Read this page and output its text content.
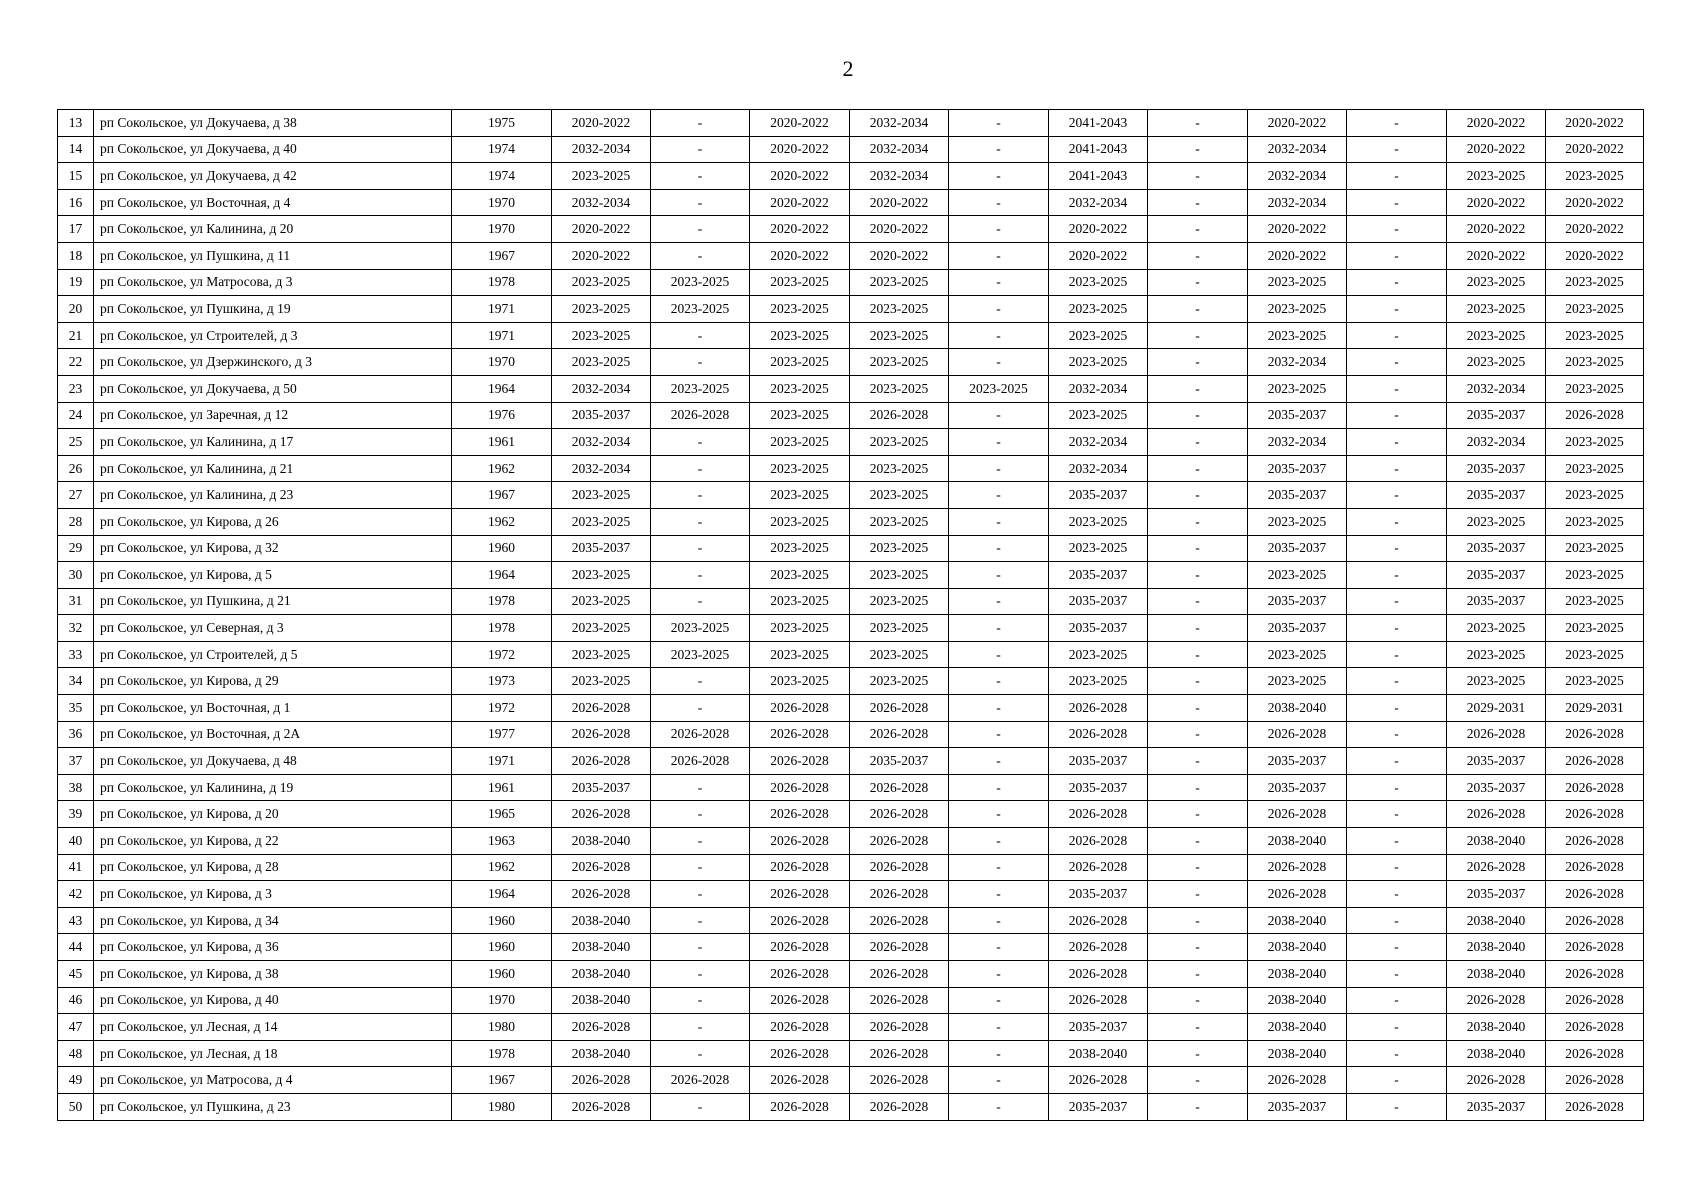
2
13	рп Сокольское, ул Докучаева, д 38	1975	2020-2022	-	2020-2022	2032-2034	-	2041-2043	-	2020-2022	-	2020-2022	2020-2022
14	рп Сокольское, ул Докучаева, д 40	1974	2032-2034	-	2020-2022	2032-2034	-	2041-2043	-	2032-2034	-	2020-2022	2020-2022
15	рп Сокольское, ул Докучаева, д 42	1974	2023-2025	-	2020-2022	2032-2034	-	2041-2043	-	2032-2034	-	2023-2025	2023-2025
16	рп Сокольское, ул Восточная, д 4	1970	2032-2034	-	2020-2022	2020-2022	-	2032-2034	-	2032-2034	-	2020-2022	2020-2022
17	рп Сокольское, ул Калинина, д 20	1970	2020-2022	-	2020-2022	2020-2022	-	2020-2022	-	2020-2022	-	2020-2022	2020-2022
18	рп Сокольское, ул Пушкина, д 11	1967	2020-2022	-	2020-2022	2020-2022	-	2020-2022	-	2020-2022	-	2020-2022	2020-2022
19	рп Сокольское, ул Матросова, д 3	1978	2023-2025	2023-2025	2023-2025	2023-2025	-	2023-2025	-	2023-2025	-	2023-2025	2023-2025
20	рп Сокольское, ул Пушкина, д 19	1971	2023-2025	2023-2025	2023-2025	2023-2025	-	2023-2025	-	2023-2025	-	2023-2025	2023-2025
21	рп Сокольское, ул Строителей, д 3	1971	2023-2025	-	2023-2025	2023-2025	-	2023-2025	-	2023-2025	-	2023-2025	2023-2025
22	рп Сокольское, ул Дзержинского, д 3	1970	2023-2025	-	2023-2025	2023-2025	-	2023-2025	-	2032-2034	-	2023-2025	2023-2025
23	рп Сокольское, ул Докучаева, д 50	1964	2032-2034	2023-2025	2023-2025	2023-2025	2023-2025	2032-2034	-	2023-2025	-	2032-2034	2023-2025
24	рп Сокольское, ул Заречная, д 12	1976	2035-2037	2026-2028	2023-2025	2026-2028	-	2023-2025	-	2035-2037	-	2035-2037	2026-2028
25	рп Сокольское, ул Калинина, д 17	1961	2032-2034	-	2023-2025	2023-2025	-	2032-2034	-	2032-2034	-	2032-2034	2023-2025
26	рп Сокольское, ул Калинина, д 21	1962	2032-2034	-	2023-2025	2023-2025	-	2032-2034	-	2035-2037	-	2035-2037	2023-2025
27	рп Сокольское, ул Калинина, д 23	1967	2023-2025	-	2023-2025	2023-2025	-	2035-2037	-	2035-2037	-	2035-2037	2023-2025
28	рп Сокольское, ул Кирова, д 26	1962	2023-2025	-	2023-2025	2023-2025	-	2023-2025	-	2023-2025	-	2023-2025	2023-2025
29	рп Сокольское, ул Кирова, д 32	1960	2035-2037	-	2023-2025	2023-2025	-	2023-2025	-	2035-2037	-	2035-2037	2023-2025
30	рп Сокольское, ул Кирова, д 5	1964	2023-2025	-	2023-2025	2023-2025	-	2035-2037	-	2023-2025	-	2035-2037	2023-2025
31	рп Сокольское, ул Пушкина, д 21	1978	2023-2025	-	2023-2025	2023-2025	-	2035-2037	-	2035-2037	-	2035-2037	2023-2025
32	рп Сокольское, ул Северная, д 3	1978	2023-2025	2023-2025	2023-2025	2023-2025	-	2035-2037	-	2035-2037	-	2023-2025	2023-2025
33	рп Сокольское, ул Строителей, д 5	1972	2023-2025	2023-2025	2023-2025	2023-2025	-	2023-2025	-	2023-2025	-	2023-2025	2023-2025
34	рп Сокольское, ул Кирова, д 29	1973	2023-2025	-	2023-2025	2023-2025	-	2023-2025	-	2023-2025	-	2023-2025	2023-2025
35	рп Сокольское, ул Восточная, д 1	1972	2026-2028	-	2026-2028	2026-2028	-	2026-2028	-	2038-2040	-	2029-2031	2029-2031
36	рп Сокольское, ул Восточная, д 2А	1977	2026-2028	2026-2028	2026-2028	2026-2028	-	2026-2028	-	2026-2028	-	2026-2028	2026-2028
37	рп Сокольское, ул Докучаева, д 48	1971	2026-2028	2026-2028	2026-2028	2035-2037	-	2035-2037	-	2035-2037	-	2035-2037	2026-2028
38	рп Сокольское, ул Калинина, д 19	1961	2035-2037	-	2026-2028	2026-2028	-	2035-2037	-	2035-2037	-	2035-2037	2026-2028
39	рп Сокольское, ул Кирова, д 20	1965	2026-2028	-	2026-2028	2026-2028	-	2026-2028	-	2026-2028	-	2026-2028	2026-2028
40	рп Сокольское, ул Кирова, д 22	1963	2038-2040	-	2026-2028	2026-2028	-	2026-2028	-	2038-2040	-	2038-2040	2026-2028
41	рп Сокольское, ул Кирова, д 28	1962	2026-2028	-	2026-2028	2026-2028	-	2026-2028	-	2026-2028	-	2026-2028	2026-2028
42	рп Сокольское, ул Кирова, д 3	1964	2026-2028	-	2026-2028	2026-2028	-	2035-2037	-	2026-2028	-	2035-2037	2026-2028
43	рп Сокольское, ул Кирова, д 34	1960	2038-2040	-	2026-2028	2026-2028	-	2026-2028	-	2038-2040	-	2038-2040	2026-2028
44	рп Сокольское, ул Кирова, д 36	1960	2038-2040	-	2026-2028	2026-2028	-	2026-2028	-	2038-2040	-	2038-2040	2026-2028
45	рп Сокольское, ул Кирова, д 38	1960	2038-2040	-	2026-2028	2026-2028	-	2026-2028	-	2038-2040	-	2038-2040	2026-2028
46	рп Сокольское, ул Кирова, д 40	1970	2038-2040	-	2026-2028	2026-2028	-	2026-2028	-	2038-2040	-	2026-2028	2026-2028
47	рп Сокольское, ул Лесная, д 14	1980	2026-2028	-	2026-2028	2026-2028	-	2035-2037	-	2038-2040	-	2038-2040	2026-2028
48	рп Сокольское, ул Лесная, д 18	1978	2038-2040	-	2026-2028	2026-2028	-	2038-2040	-	2038-2040	-	2038-2040	2026-2028
49	рп Сокольское, ул Матросова, д 4	1967	2026-2028	2026-2028	2026-2028	2026-2028	-	2026-2028	-	2026-2028	-	2026-2028	2026-2028
50	рп Сокольское, ул Пушкина, д 23	1980	2026-2028	-	2026-2028	2026-2028	-	2035-2037	-	2035-2037	-	2035-2037	2026-2028
